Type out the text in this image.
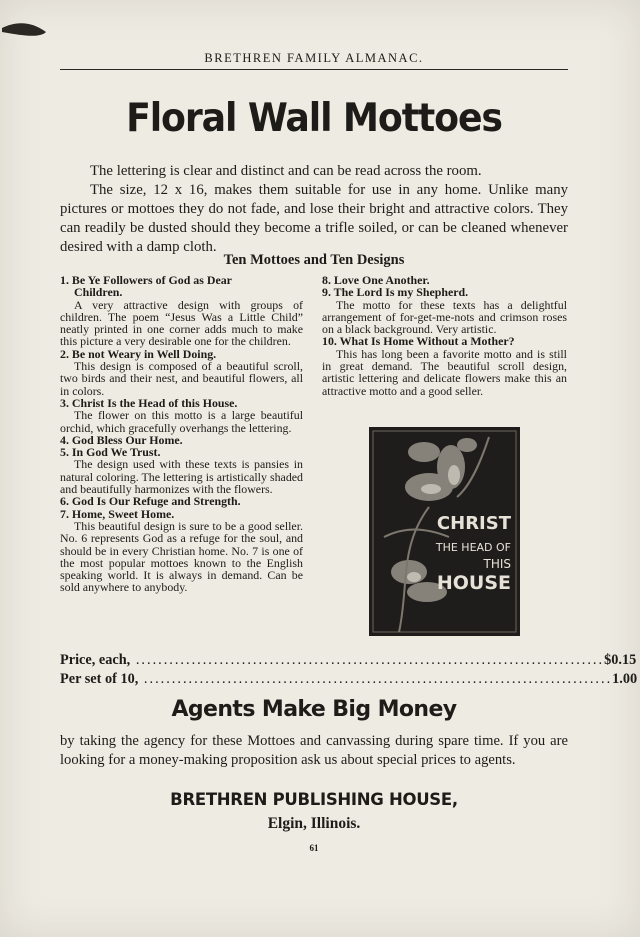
BRETHREN FAMILY ALMANAC.
Floral Wall Mottoes

The lettering is clear and distinct and can be read across the room.

The size, 12 x 16, makes them suitable for use in any home. Unlike many pictures or mottoes they do not fade, and lose their bright and attractive colors. They can readily be dusted should they become a trifle soiled, or can be cleaned whenever desired with a damp cloth.

Ten Mottoes and Ten Designs
1. Be Ye Followers of God as Dear
Children.
A very attractive design with groups of children. The poem “Jesus Was a Little Child” neatly printed in one corner adds much to make this picture a very desirable one for the children.
2. Be not Weary in Well Doing.
This design is composed of a beautiful scroll, two birds and their nest, and beautiful flowers, all in colors.
3. Christ Is the Head of this House.
The flower on this motto is a large beautiful orchid, which gracefully overhangs the lettering.
4. God Bless Our Home.
5. In God We Trust.
The design used with these texts is pansies in natural coloring. The lettering is artistically shaded and beautifully harmonizes with the flowers.
6. God Is Our Refuge and Strength.
7. Home, Sweet Home.
This beautiful design is sure to be a good seller. No. 6 represents God as a refuge for the soul, and should be in every Christian home. No. 7 is one of the most popular mottoes known to the English speaking world. It is always in demand. Can be sold anywhere to anybody.
8. Love One Another.
9. The Lord Is my Shepherd.
The motto for these texts has a delightful arrangement of for-get-me-nots and crimson roses on a black background. Very artistic.
10. What Is Home Without a Mother?
This has long been a favorite motto and is still in great demand. The beautiful scroll design, artistic lettering and delicate flowers make this an attractive motto and a good seller.
CHRIST
THE HEAD OF
THIS
HOUSE
Price, each, .................................................................................... $0.15
Per set of 10, .................................................................................... 1.00
Agents Make Big Money

by taking the agency for these Mottoes and canvassing during spare time. If you are looking for a money-making proposition ask us about special prices to agents.

BRETHREN PUBLISHING HOUSE,
Elgin, Illinois.
61
